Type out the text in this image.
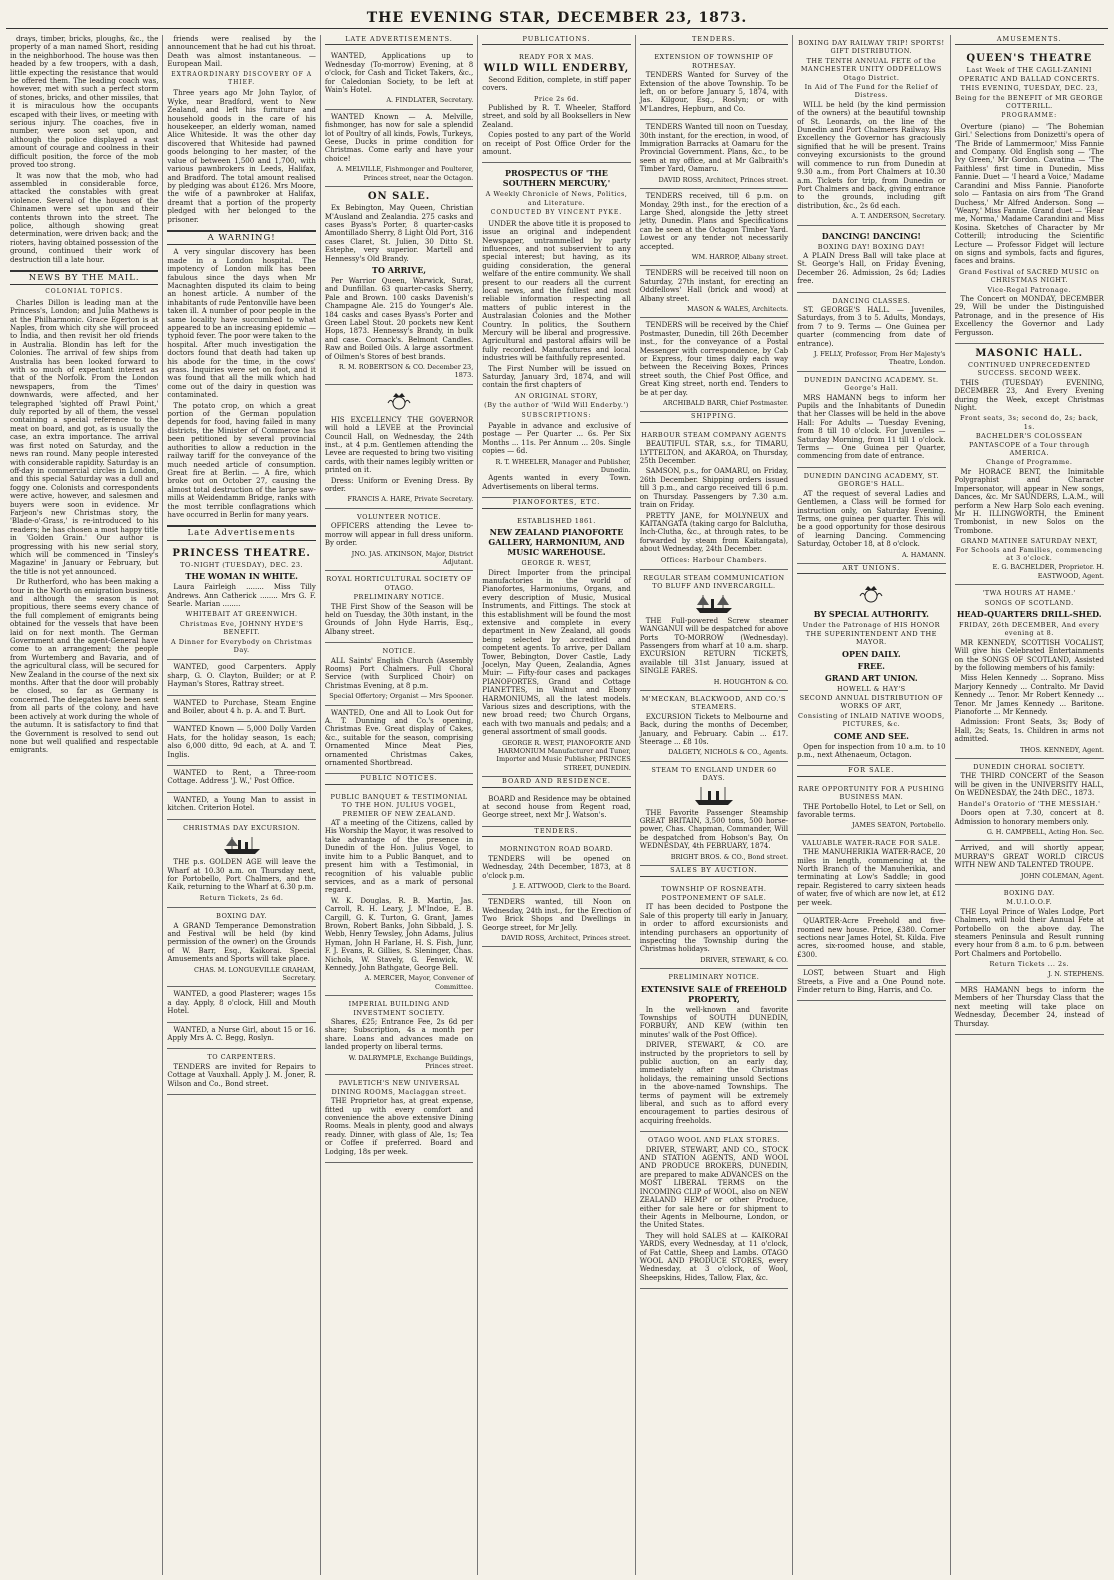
THE EVENING STAR, DECEMBER 23, 1873.

drays, timber, bricks, ploughs, &c., the property of a man named Short, residing in the neighborhood. The house was then headed by a few troopers, with a dash, little expecting the resistance that would be offered them. The leading coach was, however, met with such a perfect storm of stones, bricks, and other missiles, that it is miraculous how the occupants escaped with their lives, or meeting with serious injury. The coaches, five in number, were soon set upon, and although the police displayed a vast amount of courage and coolness in their difficult position, the force of the mob proved too strong.

It was now that the mob, who had assembled in considerable force, attacked the constables with great violence. Several of the houses of the Chinamen were set upon and their contents thrown into the street. The police, although showing great determination, were driven back; and the rioters, having obtained possession of the ground, continued their work of destruction till a late hour.

NEWS BY THE MAIL.
COLONIAL TOPICS.

Charles Dillon is leading man at the Princess's, London; and Julia Mathews is at the Philharmonic. Grace Egerton is at Naples, from which city she will proceed to India, and then revisit her old friends in Australia. Blondin has left for the Colonies. The arrival of few ships from Australia has been looked forward to with so much of expectant interest as that of the Norfolk. From the London newspapers, from the 'Times' downwards, were affected, and her telegraphed 'sighted off Prawl Point,' duly reported by all of them, the vessel containing a special reference to the meat on board, and got, as is usually the case, an extra importance. The arrival was first noted on Saturday, and the news ran round. Many people interested with considerable rapidity. Saturday is an off-day in commercial circles in London, and this special Saturday was a dull and foggy one. Colonists and correspondents were active, however, and salesmen and buyers were soon in evidence. Mr Farjeon's new Christmas story, the 'Blade-o'-Grass,' is re-introduced to his readers; he has chosen a most happy title in 'Golden Grain.' Our author is progressing with his new serial story, which will be commenced in 'Tinsley's Magazine' in January or February, but the title is not yet announced.

Dr Rutherford, who has been making a tour in the North on emigration business, and although the season is not propitious, there seems every chance of the full complement of emigrants being obtained for the vessels that have been laid on for next month. The German Government and the agent-General have come to an arrangement; the people from Wurtemberg and Bavaria, and of the agricultural class, will be secured for New Zealand in the course of the next six months. After that the door will probably be closed, so far as Germany is concerned. The delegates have been sent from all parts of the colony, and have been actively at work during the whole of the autumn. It is satisfactory to find that the Government is resolved to send out none but well qualified and respectable emigrants.

friends were realised by the announcement that he had cut his throat. Death was almost instantaneous. — European Mail.

EXTRAORDINARY DISCOVERY OF A THIEF.

Three years ago Mr John Taylor, of Wyke, near Bradford, went to New Zealand, and left his furniture and household goods in the care of his housekeeper, an elderly woman, named Alice Whiteside. It was the other day discovered that Whiteside had pawned goods belonging to her master, of the value of between 1,500 and 1,700, with various pawnbrokers in Leeds, Halifax, and Bradford. The total amount realised by pledging was about £126. Mrs Moore, the wife of a pawnbroker at Halifax, dreamt that a portion of the property pledged with her belonged to the prisoner.

A WARNING!

A very singular discovery has been made in a London hospital. The impotency of London milk has been fabulous since the days when Mr Macnaghten disputed its claim to being an honest article. A number of the inhabitants of rude Pentonville have been taken ill. A number of poor people in the same locality have succumbed to what appeared to be an increasing epidemic — typhoid fever. The poor were taken to the hospital. After much investigation the doctors found that death had taken up his abode for the time, in the cows' grass. Inquiries were set on foot, and it was found that all the milk which had come out of the dairy in question was contaminated.

The potato crop, on which a great portion of the German population depends for food, having failed in many districts, the Minister of Commerce has been petitioned by several provincial authorities to allow a reduction in the railway tariff for the conveyance of the much needed article of consumption. Great fire at Berlin. — A fire, which broke out on October 27, causing the almost total destruction of the large saw-mills at Weidendamm Bridge, ranks with the most terrible conflagrations which have occurred in Berlin for many years.

Late Advertisements
PRINCESS THEATRE.
TO-NIGHT (TUESDAY), DEC. 23.
THE WOMAN IN WHITE.

Laura Fairleigh ........ Miss Tilly Andrews. Ann Catherick ........ Mrs G. F. Searle. Marian ........

WHITEBAIT AT GREENWICH.
Christmas Eve, JOHNNY HYDE'S BENEFIT.
A Dinner for Everybody on Christmas Day.

WANTED, good Carpenters. Apply sharp, G. O. Clayton, Builder; or at P. Hayman's Stores, Rattray street.

WANTED to Purchase, Steam Engine and Boiler, about 4 h. p. A. and T. Burt.

WANTED Known — 5,000 Dolly Varden Hats, for the holiday season, 1s each; also 6,000 ditto, 9d each, at A. and T. Inglis.

WANTED to Rent, a Three-room Cottage. Address 'J. W.,' Post Office.

WANTED, a Young Man to assist in kitchen. Criterion Hotel.

CHRISTMAS DAY EXCURSION.

THE p.s. GOLDEN AGE will leave the Wharf at 10.30 a.m. on Thursday next, for Portobello, Port Chalmers, and the Kaik, returning to the Wharf at 6.30 p.m.

Return Tickets, 2s 6d.
BOXING DAY.

A GRAND Temperance Demonstration and Festival will be held (by kind permission of the owner) on the Grounds of W. Barr, Esq., Kaikorai. Special Amusements and Sports will take place.

CHAS. M. LONGUEVILLE GRAHAM, Secretary.

WANTED, a good Plasterer; wages 15s a day. Apply, 8 o'clock, Hill and Mouth Hotel.

WANTED, a Nurse Girl, about 15 or 16. Apply Mrs A. C. Begg, Roslyn.

TO CARPENTERS.

TENDERS are invited for Repairs to Cottage at Vauxhall. Apply J. M. Joner, R. Wilson and Co., Bond street.

LATE ADVERTISEMENTS.

WANTED, Applications up to Wednesday (To-morrow) Evening, at 8 o'clock, for Cash and Ticket Takers, &c., for Caledonian Society, to be left at Wain's Hotel.

A. FINDLATER, Secretary.

WANTED Known — A. Melville, fishmonger, has now for sale a splendid lot of Poultry of all kinds, Fowls, Turkeys, Geese, Ducks in prime condition for Christmas. Come early and have your choice!

A. MELVILLE, Fishmonger and Poulterer, Princes street, near the Octagon.
ON SALE.

Ex Bebington, May Queen, Christian M'Ausland and Zealandia. 275 casks and cases Byass's Porter, 8 quarter-casks Amontillado Sherry, 8 Light Old Port, 316 cases Claret, St. Julien, 30 Ditto St. Estephe, very superior. Martell and Hennessy's Old Brandy.

TO ARRIVE,

Per Warrior Queen, Warwick, Surat, and Dunfillan. 63 quarter-casks Sherry, Pale and Brown. 100 casks Davenish's Champagne Ale. 215 do Younger's Ale. 184 casks and cases Byass's Porter and Green Label Stout. 20 pockets new Kent Hops, 1873. Hennessy's Brandy, in bulk and case. Cornack's. Belmont Candles. Raw and Boiled Oils. A large assortment of Oilmen's Stores of best brands.

R. M. ROBERTSON & CO. December 23, 1873.

HIS EXCELLENCY THE GOVERNOR will hold a LEVEE at the Provincial Council Hall, on Wednesday, the 24th inst., at 4 p.m. Gentlemen attending the Levee are requested to bring two visiting cards, with their names legibly written or printed on it.

Dress: Uniform or Evening Dress. By order.

FRANCIS A. HARE, Private Secretary.
VOLUNTEER NOTICE.

OFFICERS attending the Levee to-morrow will appear in full dress uniform. By order.

JNO. JAS. ATKINSON, Major, District Adjutant.
ROYAL HORTICULTURAL SOCIETY OF OTAGO.
PRELIMINARY NOTICE.

THE First Show of the Season will be held on Tuesday, the 30th instant, in the Grounds of John Hyde Harris, Esq., Albany street.

NOTICE.

ALL Saints' English Church (Assembly Rooms) Port Chalmers. Full Choral Service (with Surpliced Choir) on Christmas Evening, at 8 p.m.

Special Offertory; Organist — Mrs Spooner.

WANTED, One and All to Look Out for A. T. Dunning and Co.'s opening, Christmas Eve. Great display of Cakes, &c., suitable for the season, comprising Ornamented Mince Meat Pies, ornamented Christmas Cakes, ornamented Shortbread.

PUBLIC NOTICES.
PUBLIC BANQUET & TESTIMONIAL TO THE HON. JULIUS VOGEL, PREMIER OF NEW ZEALAND.

AT a meeting of the Citizens, called by His Worship the Mayor, it was resolved to take advantage of the presence in Dunedin of the Hon. Julius Vogel, to invite him to a Public Banquet, and to present him with a Testimonial, in recognition of his valuable public services, and as a mark of personal regard.

W. K. Douglas, R. B. Martin, Jas. Carroll, R. H. Leary, J. M'Indoe, E. B. Cargill, G. K. Turton, G. Grant, James Brown, Robert Banks, John Sibbald, J. S. Webb, Henry Tewsley, John Adams, Julius Hyman, John H Farlane, H. S. Fish, Junr, F. J. Evans, R. Gillies, S. Sleninger, Chas. Nichols, W. Stavely, G. Fenwick, W. Kennedy, John Bathgate, George Bell.

A. MERCER, Mayor, Convener of Committee.
IMPERIAL BUILDING AND INVESTMENT SOCIETY.

Shares, £25; Entrance Fee, 2s 6d per share; Subscription, 4s a month per share. Loans and advances made on landed property on liberal terms.

W. DALRYMPLE, Exchange Buildings, Princes street.
PAVLETICH'S NEW UNIVERSAL DINING ROOMS, Maclaggan street.

THE Proprietor has, at great expense, fitted up with every comfort and convenience the above extensive Dining Rooms. Meals in plenty, good and always ready. Dinner, with glass of Ale, 1s; Tea or Coffee if preferred. Board and Lodging, 18s per week.

PUBLICATIONS.
READY FOR X MAS.
WILD WILL ENDERBY,

Second Edition, complete, in stiff paper covers.

Price 2s 6d.

Published by R. T. Wheeler, Stafford street, and sold by all Booksellers in New Zealand.

Copies posted to any part of the World on receipt of Post Office Order for the amount.

PROSPECTUS OF 'THE SOUTHERN MERCURY,'
A Weekly Chronicle of News, Politics, and Literature.
CONDUCTED BY VINCENT PYKE.

UNDER the above title it is proposed to issue an original and independent Newspaper, untrammelled by party influences, and not subservient to any special interest; but having, as its guiding consideration, the general welfare of the entire community. We shall present to our readers all the current local news, and the fullest and most reliable information respecting all matters of public interest in the Australasian Colonies and the Mother Country. In politics, the Southern Mercury will be liberal and progressive. Agricultural and pastoral affairs will be fully recorded. Manufactures and local industries will be faithfully represented.

The First Number will be issued on Saturday, January 3rd, 1874, and will contain the first chapters of

AN ORIGINAL STORY,
(By the author of 'Wild Will Enderby.')
SUBSCRIPTIONS:

Payable in advance and exclusive of postage — Per Quarter ... 6s. Per Six Months ... 11s. Per Annum ... 20s. Single copies — 6d.

R. T. WHEELER, Manager and Publisher, Dunedin.

Agents wanted in every Town. Advertisements on liberal terms.

PIANOFORTES, ETC.
ESTABLISHED 1861.
NEW ZEALAND PIANOFORTE GALLERY, HARMONIUM, AND MUSIC WAREHOUSE.
GEORGE R. WEST,

Direct Importer from the principal manufactories in the world of Pianofortes, Harmoniums, Organs, and every description of Music, Musical Instruments, and Fittings. The stock at this establishment will be found the most extensive and complete in every department in New Zealand, all goods being selected by accredited and competent agents. To arrive, per Dallam Tower, Bebington, Dover Castle, Lady Jocelyn, May Queen, Zealandia, Agnes Muir: — Fifty-four cases and packages PIANOFORTES, Grand and Cottage PIANETTES, in Walnut and Ebony HARMONIUMS, all the latest models. Various sizes and descriptions, with the new broad reed; two Church Organs, each with two manuals and pedals; and a general assortment of small goods.

GEORGE R. WEST, PIANOFORTE AND HARMONIUM Manufacturer and Tuner, Importer and Music Publisher, PRINCES STREET, DUNEDIN.
BOARD AND RESIDENCE.

BOARD and Residence may be obtained at second house from Regent road, George street, next Mr J. Watson's.

TENDERS.
MORNINGTON ROAD BOARD.

TENDERS will be opened on Wednesday, 24th December, 1873, at 8 o'clock p.m.

J. E. ATTWOOD, Clerk to the Board.

TENDERS wanted, till Noon on Wednesday, 24th inst., for the Erection of Two Brick Shops and Dwellings in George street, for Mr Jelly.

DAVID ROSS, Architect, Princes street.
TENDERS.
EXTENSION OF TOWNSHIP OF ROTHESAY.

TENDERS Wanted for Survey of the Extension of the above Township. To be left, on or before January 5, 1874, with Jas. Kilgour, Esq., Roslyn; or with M'Landres, Hepburn, and Co.

TENDERS Wanted till noon on Tuesday, 30th instant, for the erection, in wood, of Immigration Barracks at Oamaru for the Provincial Government. Plans, &c., to be seen at my office, and at Mr Galbraith's Timber Yard, Oamaru.

DAVID ROSS, Architect, Princes street.

TENDERS received, till 6 p.m. on Monday, 29th inst., for the erection of a Large Shed, alongside the Jetty street jetty, Dunedin. Plans and Specifications can be seen at the Octagon Timber Yard. Lowest or any tender not necessarily accepted.

WM. HARROP, Albany street.

TENDERS will be received till noon on Saturday, 27th instant, for erecting an Oddfellows' Hall (brick and wood) at Albany street.

MASON & WALES, Architects.

TENDERS will be received by the Chief Postmaster, Dunedin, till 26th December inst., for the conveyance of a Postal Messenger with correspondence, by Cab or Express, four times daily each way between the Receiving Boxes, Princes street south, the Chief Post Office, and Great King street, north end. Tenders to be at per day.

ARCHIBALD BARR, Chief Postmaster.
SHIPPING.
HARBOUR STEAM COMPANY AGENTS

BEAUTIFUL STAR, s.s., for TIMARU, LYTTELTON, and AKAROA, on Thursday, 25th December.

SAMSON, p.s., for OAMARU, on Friday, 26th December. Shipping orders issued till 3 p.m., and cargo received till 6 p.m. on Thursday. Passengers by 7.30 a.m. train on Friday.

PRETTY JANE, for MOLYNEUX and KAITANGATA (taking cargo for Balclutha, Inch-Clutha, &c., at through rates, to be forwarded by steam from Kaitangata), about Wednesday, 24th December.

Offices: Harbour Chambers.
REGULAR STEAM COMMUNICATION TO BLUFF AND INVERCARGILL.

THE Full-powered Screw steamer WANGANUI will be despatched for above Ports TO-MORROW (Wednesday). Passengers from wharf at 10 a.m. sharp. EXCURSION RETURN TICKETS, available till 31st January, issued at SINGLE FARES.

H. HOUGHTON & CO.
M'MECKAN, BLACKWOOD, AND CO.'S STEAMERS.

EXCURSION Tickets to Melbourne and Back, during the months of December, January, and February. Cabin ... £17. Steerage ... £8 10s.

DALGETY, NICHOLS & CO., Agents.
STEAM TO ENGLAND UNDER 60 DAYS.

THE Favorite Passenger Steamship GREAT BRITAIN, 3,500 tons, 500 horse-power, Chas. Chapman, Commander, Will be despatched from Hobson's Bay, On WEDNESDAY, 4th FEBRUARY, 1874.

BRIGHT BROS. & CO., Bond street.
SALES BY AUCTION.
TOWNSHIP OF ROSNEATH.
POSTPONEMENT OF SALE.

IT has been decided to Postpone the Sale of this property till early in January, in order to afford excursionists and intending purchasers an opportunity of inspecting the Township during the Christmas holidays.

DRIVER, STEWART, & CO.
PRELIMINARY NOTICE.
EXTENSIVE SALE of FREEHOLD PROPERTY,

In the well-known and favorite Townships of SOUTH DUNEDIN, FORBURY, AND KEW (within ten minutes' walk of the Post Office).

DRIVER, STEWART, & CO. are instructed by the proprietors to sell by public auction, on an early day, immediately after the Christmas holidays, the remaining unsold Sections in the above-named Townships. The terms of payment will be extremely liberal, and such as to afford every encouragement to parties desirous of acquiring freeholds.

OTAGO WOOL AND FLAX STORES.

DRIVER, STEWART, AND CO., STOCK AND STATION AGENTS, AND WOOL AND PRODUCE BROKERS, DUNEDIN, are prepared to make ADVANCES on the MOST LIBERAL TERMS on the INCOMING CLIP of WOOL, also on NEW ZEALAND HEMP or other Produce, either for sale here or for shipment to their Agents in Melbourne, London, or the United States.

They will hold SALES at — KAIKORAI YARDS, every Wednesday, at 11 o'clock, of Fat Cattle, Sheep and Lambs. OTAGO WOOL AND PRODUCE STORES, every Wednesday, at 3 o'clock, of Wool, Sheepskins, Hides, Tallow, Flax, &c.

BOXING DAY RAILWAY TRIP! SPORTS! GIFT DISTRIBUTION.
THE TENTH ANNUAL FETE of the MANCHESTER UNITY ODDFELLOWS Otago District.
In Aid of The Fund for the Relief of Distress.

WILL be held (by the kind permission of the owners) at the beautiful township of St. Leonards, on the line of the Dunedin and Port Chalmers Railway. His Excellency the Governor has graciously signified that he will be present. Trains conveying excursionists to the ground will commence to run from Dunedin at 9.30 a.m., from Port Chalmers at 10.30 a.m. Tickets for trip, from Dunedin or Port Chalmers and back, giving entrance to the grounds, including gift distribution, &c., 2s 6d each.

A. T. ANDERSON, Secretary.
DANCING! DANCING!
BOXING DAY! BOXING DAY!

A PLAIN Dress Ball will take place at St. George's Hall, on Friday Evening, December 26. Admission, 2s 6d; Ladies free.

DANCING CLASSES.

ST. GEORGE'S HALL. — Juveniles, Saturdays, from 3 to 5. Adults, Mondays, from 7 to 9. Terms — One Guinea per quarter (commencing from date of entrance).

J. FELLY, Professor, From Her Majesty's Theatre, London.
DUNEDIN DANCING ACADEMY. St. George's Hall.

MRS HAMANN begs to inform her Pupils and the Inhabitants of Dunedin that her Classes will be held in the above Hall: For Adults — Tuesday Evening, from 8 till 10 o'clock. For Juveniles — Saturday Morning, from 11 till 1 o'clock. Terms — One Guinea per Quarter, commencing from date of entrance.

DUNEDIN DANCING ACADEMY, ST. GEORGE'S HALL.

AT the request of several Ladies and Gentlemen, a Class will be formed for instruction only, on Saturday Evening. Terms, one guinea per quarter. This will be a good opportunity for those desirous of learning Dancing. Commencing Saturday, October 18, at 8 o'clock.

A. HAMANN.
ART UNIONS.
BY SPECIAL AUTHORITY.
Under the Patronage of HIS HONOR THE SUPERINTENDENT AND THE MAYOR.
OPEN DAILY.
FREE.
GRAND ART UNION.
HOWELL & HAY'S
SECOND ANNUAL DISTRIBUTION OF WORKS OF ART,
Consisting of INLAID NATIVE WOODS, PICTURES, &c.
COME AND SEE.

Open for inspection from 10 a.m. to 10 p.m., next Athenaeum, Octagon.

FOR SALE.
RARE OPPORTUNITY FOR A PUSHING BUSINESS MAN.

THE Portobello Hotel, to Let or Sell, on favorable terms.

JAMES SEATON, Portobello.
VALUABLE WATER-RACE FOR SALE.

THE MANUHERIKIA WATER-RACE, 20 miles in length, commencing at the North Branch of the Manuherikia, and terminating at Low's Saddle; in good repair. Registered to carry sixteen heads of water, five of which are now let, at £12 per week.

QUARTER-Acre Freehold and five-roomed new house. Price, £380. Corner sections near James Hotel, St. Kilda. Five acres, six-roomed house, and stable, £300.

LOST, between Stuart and High Streets, a Five and a One Pound note. Finder return to Bing, Harris, and Co.

AMUSEMENTS.
QUEEN'S THEATRE
Last Week of THE CAGLI-ZANINI OPERATIC AND BALLAD CONCERTS.
THIS EVENING, TUESDAY, DEC. 23,
Being for the BENEFIT of MR GEORGE COTTERILL.
PROGRAMME:

Overture (piano) — 'The Bohemian Girl.' Selections from Donizetti's opera of 'The Bride of Lammermoor,' Miss Fannie and Company. Old English song — 'The Ivy Green,' Mr Gordon. Cavatina — 'The Faithless' first time in Dunedin, Miss Fannie. Duet — 'I heard a Voice,' Madame Carandini and Miss Fannie. Pianoforte solo — Fantasia on airs from 'The Grand Duchess,' Mr Alfred Anderson. Song — 'Weary,' Miss Fannie. Grand duet — 'Hear me, Norma,' Madame Carandini and Miss Kosina. Sketches of Character by Mr Cotterill; introducing the Scientific Lecture — Professor Fidget will lecture on signs and symbols, facts and figures, faces and brains.

Grand Festival of SACRED MUSIC on CHRISTMAS NIGHT.
Vice-Regal Patronage.

The Concert on MONDAY, DECEMBER 29, Will be under the Distinguished Patronage, and in the presence of His Excellency the Governor and Lady Fergusson.

MASONIC HALL.
CONTINUED UNPRECEDENTED SUCCESS. SECOND WEEK.

THIS (TUESDAY) EVENING, DECEMBER 23, And Every Evening during the Week, except Christmas Night.

Front seats, 3s; second do, 2s; back, 1s.
BACHELDER'S COLOSSEAN PANTASCOPE of a Tour through AMERICA.
Change of Programme.

Mr HORACE BENT, the Inimitable Polygraphist and Character Impersonator, will appear in New songs, Dances, &c. Mr SAUNDERS, L.A.M., will perform a New Harp Solo each evening. Mr H. ILLINGWORTH, the Eminent Trombonist, in new Solos on the Trombone.

GRAND MATINEE SATURDAY NEXT, For Schools and Families, commencing at 3 o'clock.
E. G. BACHELDER, Proprietor. H. EASTWOOD, Agent.
'TWA HOURS AT HAME.'
SONGS OF SCOTLAND.
HEAD-QUARTERS DRILL-SHED.
FRIDAY, 26th DECEMBER, And every evening at 8.

MR KENNEDY, SCOTTISH VOCALIST, Will give his Celebrated Entertainments on the SONGS OF SCOTLAND, Assisted by the following members of his family:

Miss Helen Kennedy ... Soprano. Miss Marjory Kennedy ... Contralto. Mr David Kennedy ... Tenor. Mr Robert Kennedy ... Tenor. Mr James Kennedy ... Baritone. Pianoforte ... Mr Kennedy.

Admission: Front Seats, 3s; Body of Hall, 2s; Seats, 1s. Children in arms not admitted.

THOS. KENNEDY, Agent.
DUNEDIN CHORAL SOCIETY.

THE THIRD CONCERT of the Season will be given in the UNIVERSITY HALL, On WEDNESDAY, the 24th DEC., 1873.

Handel's Oratorio of 'THE MESSIAH.'

Doors open at 7.30, concert at 8. Admission to honorary members only.

G. H. CAMPBELL, Acting Hon. Sec.

Arrived, and will shortly appear, MURRAY'S GREAT WORLD CIRCUS WITH NEW AND TALENTED TROUPE.

JOHN COLEMAN, Agent.
BOXING DAY.
M.U.I.O.O.F.

THE Loyal Prince of Wales Lodge, Port Chalmers, will hold their Annual Fete at Portobello on the above day. The steamers Peninsula and Result running every hour from 8 a.m. to 6 p.m. between Port Chalmers and Portobello.

Return Tickets ... 2s.
J. N. STEPHENS.

MRS HAMANN begs to inform the Members of her Thursday Class that the next meeting will take place on Wednesday, December 24, instead of Thursday.
